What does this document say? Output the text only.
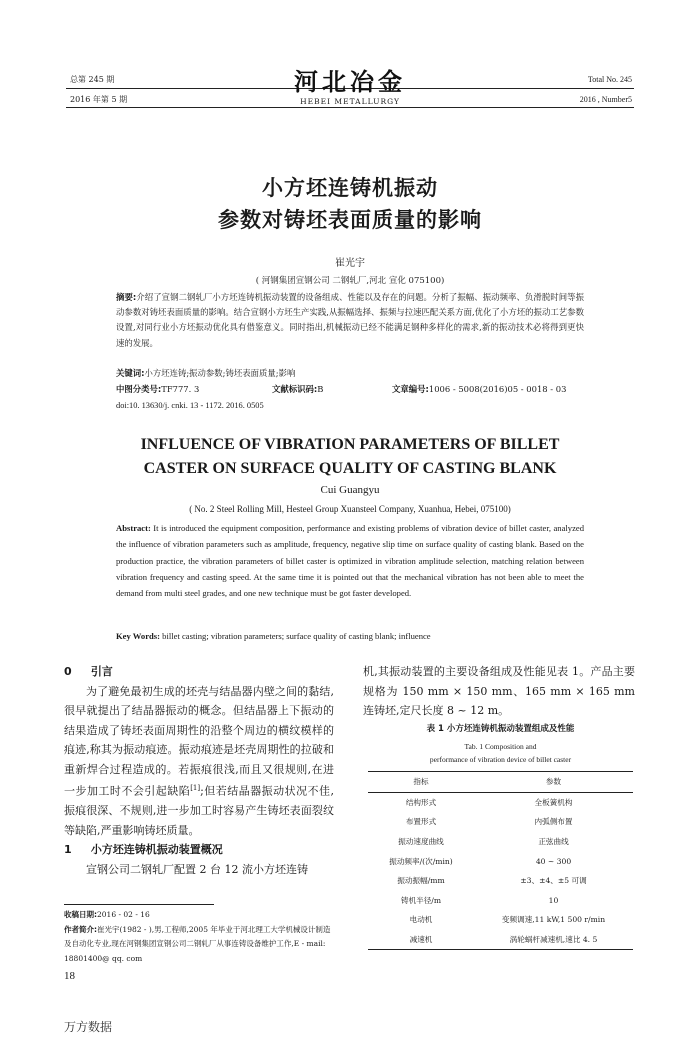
总第 245 期
2016 年第 5 期
河北冶金
HEBEI METALLURGY
Total No. 245
2016 , Number5
小方坯连铸机振动
参数对铸坯表面质量的影响
崔光宇
( 河钢集团宣钢公司 二钢轧厂,河北 宣化 075100)
摘要:介绍了宣钢二钢轧厂小方坯连铸机振动装置的设备组成、性能以及存在的问题。分析了振幅、振动频率、负滑脱时间等振动参数对铸坯表面质量的影响。结合宣钢小方坯生产实践,从振幅选择、振频与拉速匹配关系方面,优化了小方坯的振动工艺参数设置,对同行业小方坯振动优化具有借鉴意义。同时指出,机械振动已经不能满足钢种多样化的需求,新的振动技术必将得到更快速的发展。
关键词:小方坯连铸;振动参数;铸坯表面质量;影响
中图分类号:TF777. 3	文献标识码:B	文章编号:1006 - 5008(2016)05 - 0018 - 03
doi:10. 13630/j. cnki. 13 - 1172. 2016. 0505
INFLUENCE OF VIBRATION PARAMETERS OF BILLET
CASTER ON SURFACE QUALITY OF CASTING BLANK
Cui Guangyu
( No. 2 Steel Rolling Mill, Hesteel Group Xuansteel Company, Xuanhua, Hebei, 075100)
Abstract: It is introduced the equipment composition, performance and existing problems of vibration device of billet caster, analyzed the influence of vibration parameters such as amplitude, frequency, negative slip time on surface quality of casting blank. Based on the production practice, the vibration parameters of billet caster is optimized in vibration amplitude selection, matching relation between vibration frequency and casting speed. At the same time it is pointed out that the mechanical vibration has not been able to meet the demand from multi steel grades, and one new technique must be got faster developed.
Key Words: billet casting; vibration parameters; surface quality of casting blank; influence
0 引言
为了避免最初生成的坯壳与结晶器内壁之间的黏结,很早就提出了结晶器振动的概念。但结晶器上下振动的结果造成了铸坯表面周期性的沿整个周边的横纹模样的痕迹,称其为振动痕迹。振动痕迹是坯壳周期性的拉破和重新焊合过程造成的。若振痕很浅,而且又很规则,在进一步加工时不会引起缺陷[1];但若结晶器振动状况不佳,振痕很深、不规则,进一步加工时容易产生铸坯表面裂纹等缺陷,严重影响铸坯质量。
1 小方坯连铸机振动装置概况
宣钢公司二钢轧厂配置 2 台 12 流小方坯连铸
收稿日期:2016 - 02 - 16
作者简介:崔光宇(1982 - ),男,工程师,2005 年毕业于河北理工大学机械设计制造及自动化专业,现在河钢集团宣钢公司二钢轧厂从事连铸设备维护工作,E - mail: 18801400@ qq. com
机,其振动装置的主要设备组成及性能见表 1。产品主要规格为 150 mm × 150 mm、165 mm × 165 mm 连铸坯,定尺长度 8 ~ 12 m。
表 1 小方坯连铸机振动装置组成及性能
Tab. 1 Composition and
performance of vibration device of billet caster
指标	参数
结构形式	全板簧机构
布置形式	内弧侧布置
振动速度曲线	正弦曲线
振动频率/(次/min)	40 ~ 300
振动振幅/mm	±3、±4、±5 可调
铸机半径/m	10
电动机	变频调速,11 kW,1 500 r/min
减速机	涡轮蜗杆减速机,速比 4. 5
18
万方数据
